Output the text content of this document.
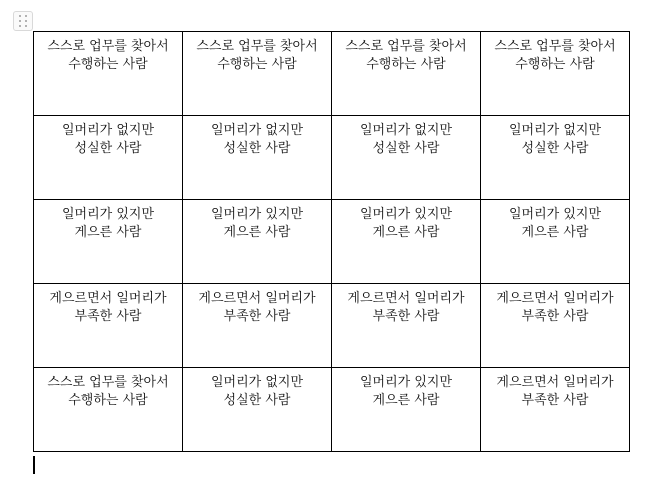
스스로 업무를 찾아서
수행하는 사람	스스로 업무를 찾아서
수행하는 사람	스스로 업무를 찾아서
수행하는 사람	스스로 업무를 찾아서
수행하는 사람
일머리가 없지만
성실한 사람	일머리가 없지만
성실한 사람	일머리가 없지만
성실한 사람	일머리가 없지만
성실한 사람
일머리가 있지만
게으른 사람	일머리가 있지만
게으른 사람	일머리가 있지만
게으른 사람	일머리가 있지만
게으른 사람
게으르면서 일머리가
부족한 사람	게으르면서 일머리가
부족한 사람	게으르면서 일머리가
부족한 사람	게으르면서 일머리가
부족한 사람
스스로 업무를 찾아서
수행하는 사람	일머리가 없지만
성실한 사람	일머리가 있지만
게으른 사람	게으르면서 일머리가
부족한 사람
